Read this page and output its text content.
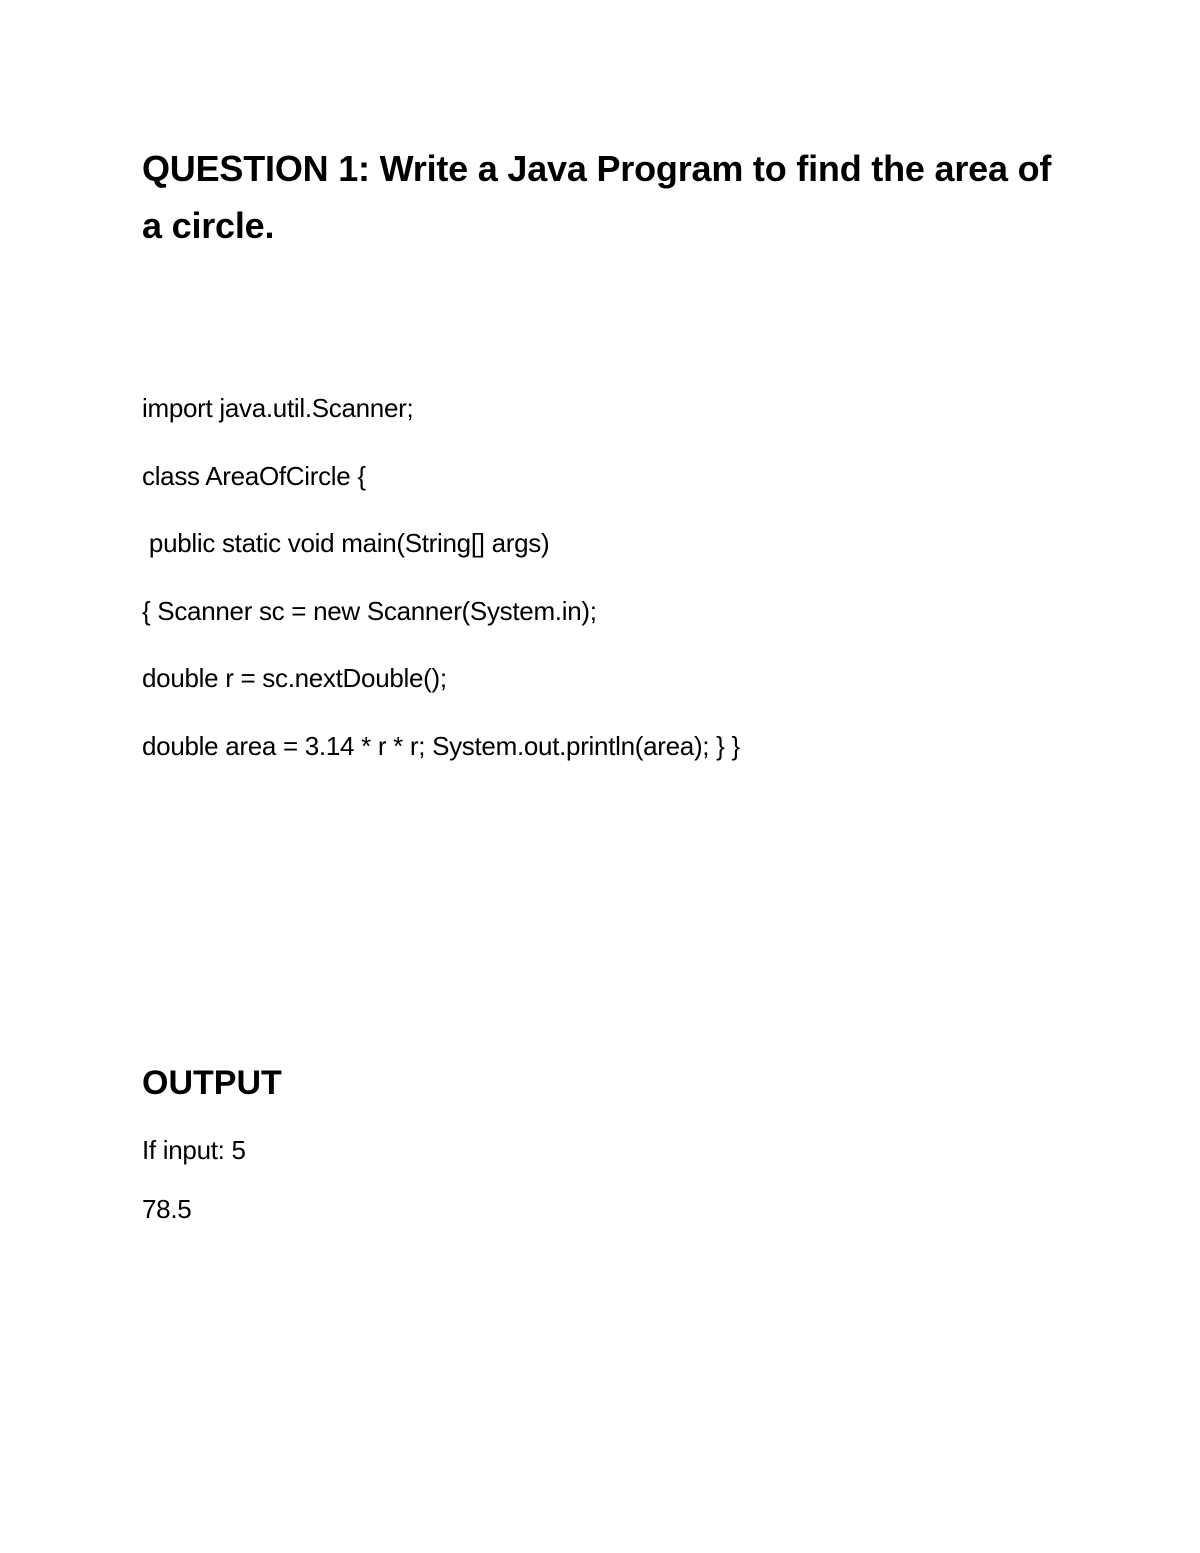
QUESTION 1: Write a Java Program to find the area of a circle.
import java.util.Scanner;
class AreaOfCircle {
public static void main(String[] args)
{ Scanner sc = new Scanner(System.in);
double r = sc.nextDouble();
double area = 3.14 * r * r; System.out.println(area); } }
OUTPUT

If input: 5

78.5
